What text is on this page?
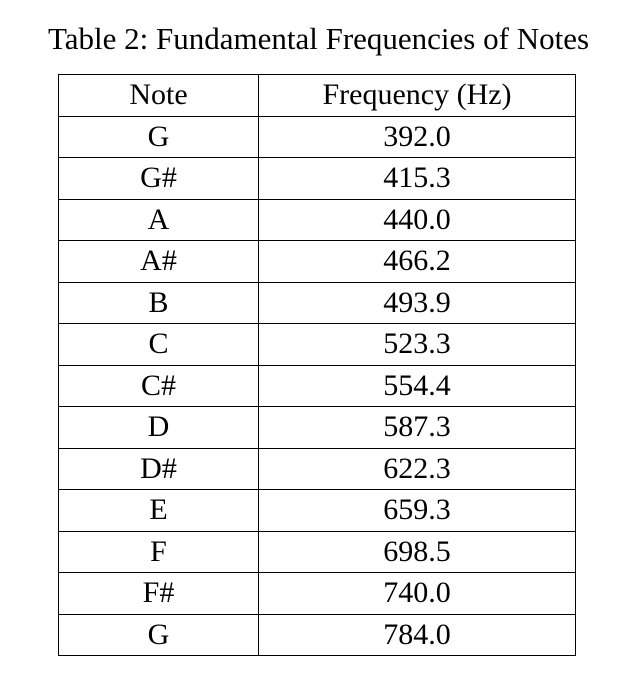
Table 2: Fundamental Frequencies of Notes
Note	Frequency (Hz)
G	392.0
G#	415.3
A	440.0
A#	466.2
B	493.9
C	523.3
C#	554.4
D	587.3
D#	622.3
E	659.3
F	698.5
F#	740.0
G	784.0
